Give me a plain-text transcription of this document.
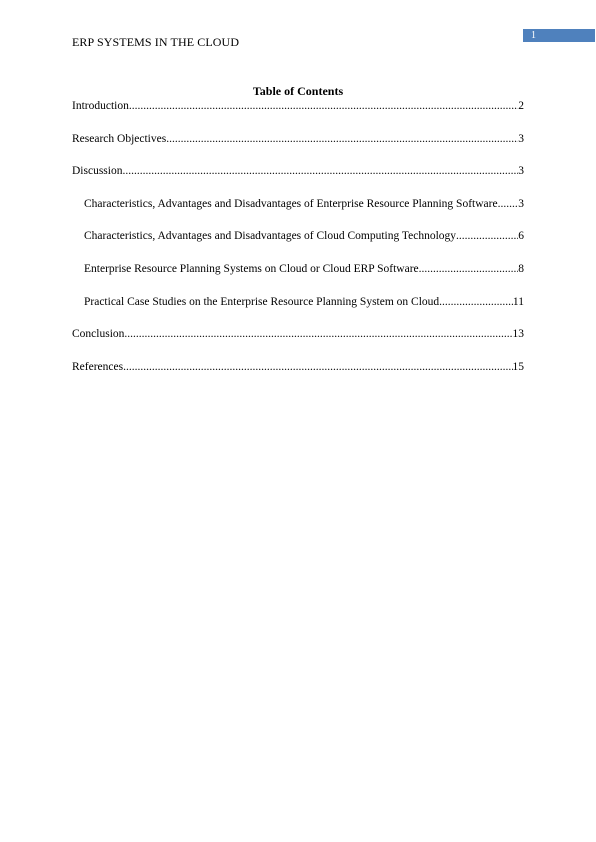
ERP SYSTEMS IN THE CLOUD	1
Table of Contents
Introduction .....	2
Research Objectives .....	3
Discussion .....	3
Characteristics, Advantages and Disadvantages of Enterprise Resource Planning Software ..... 3
Characteristics, Advantages and Disadvantages of Cloud Computing Technology .....	6
Enterprise Resource Planning Systems on Cloud or Cloud ERP Software .....	8
Practical Case Studies on the Enterprise Resource Planning System on Cloud .....	11
Conclusion .....	13
References .....	15
